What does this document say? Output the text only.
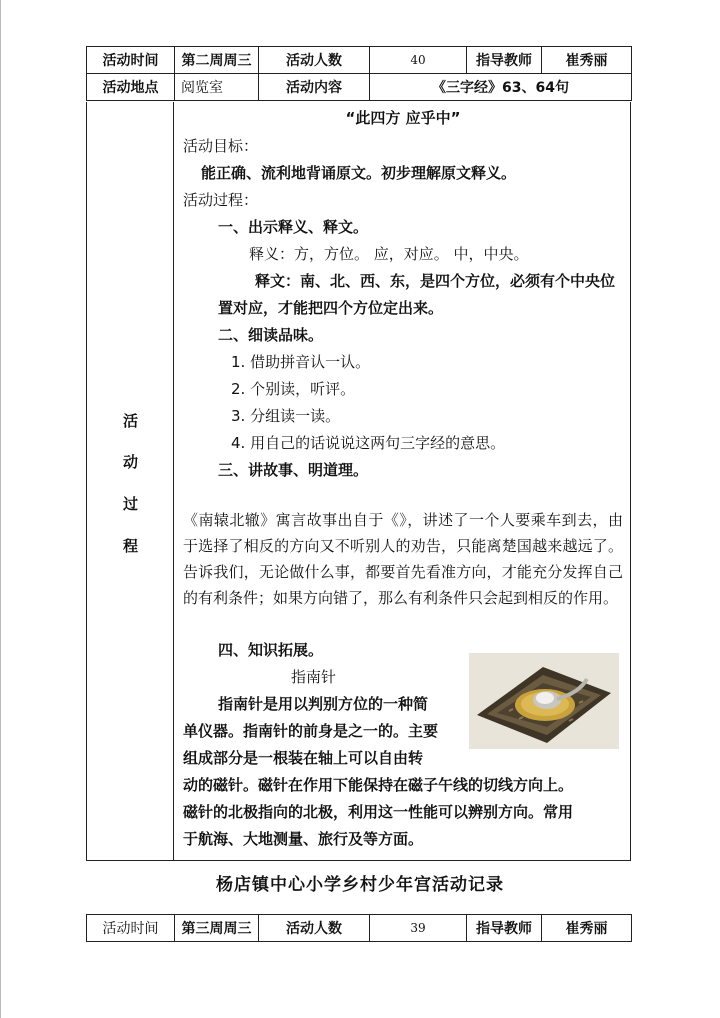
活动时间	第二周周三	活动人数	40	指导教师	崔秀丽
活动地点	阅览室	活动内容	《三字经》63、64句		
活
动
过
程
“此四方 应乎中”
活动目标：
能正确、流利地背诵原文。初步理解原文释义。
活动过程：
一、出示释义、释文。
释义：方，方位。 应，对应。 中，中央。
释文：南、北、西、东，是四个方位，必须有个中央位
置对应，才能把四个方位定出来。
二、细读品味。
1. 借助拼音认一认。
2. 个别读，听评。
3. 分组读一读。
4. 用自己的话说说这两句三字经的意思。
三、讲故事、明道理。
《南辕北辙》寓言故事出自于《》，讲述了一个人要乘车到去，由于选择了相反的方向又不听别人的劝告，只能离楚国越来越远了。告诉我们，无论做什么事，都要首先看准方向，才能充分发挥自己的有利条件；如果方向错了，那么有利条件只会起到相反的作用。
四、知识拓展。
指南针
指南针是用以判别方位的一种简
单仪器。指南针的前身是之一的。主要
组成部分是一根装在轴上可以自由转
动的磁针。磁针在作用下能保持在磁子午线的切线方向上。
磁针的北极指向的北极，利用这一性能可以辨别方向。常用
于航海、大地测量、旅行及等方面。
杨店镇中心小学乡村少年宫活动记录
活动时间	第三周周三	活动人数	39	指导教师	崔秀丽
